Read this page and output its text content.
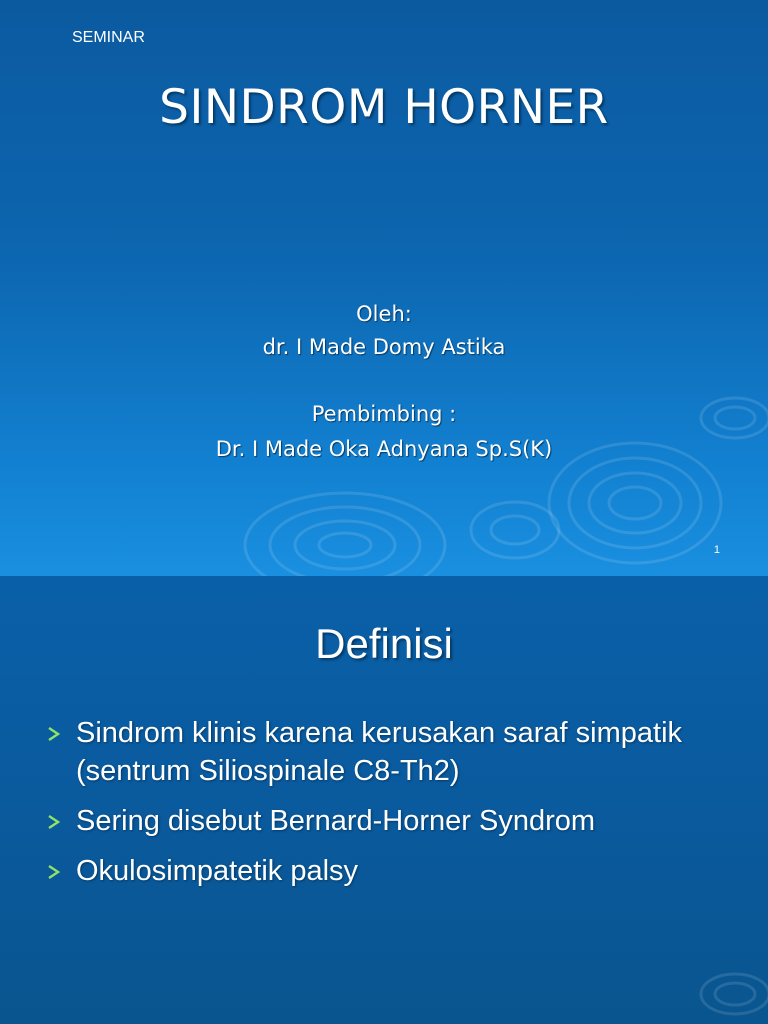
SEMINAR
SINDROM HORNER
Oleh:
dr. I Made Domy Astika
Pembimbing :
Dr. I Made Oka Adnyana Sp.S(K)
1
Definisi
Sindrom klinis karena kerusakan saraf simpatik (sentrum Siliospinale C8-Th2)
Sering disebut Bernard-Horner Syndrom
Okulosimpatetik palsy
